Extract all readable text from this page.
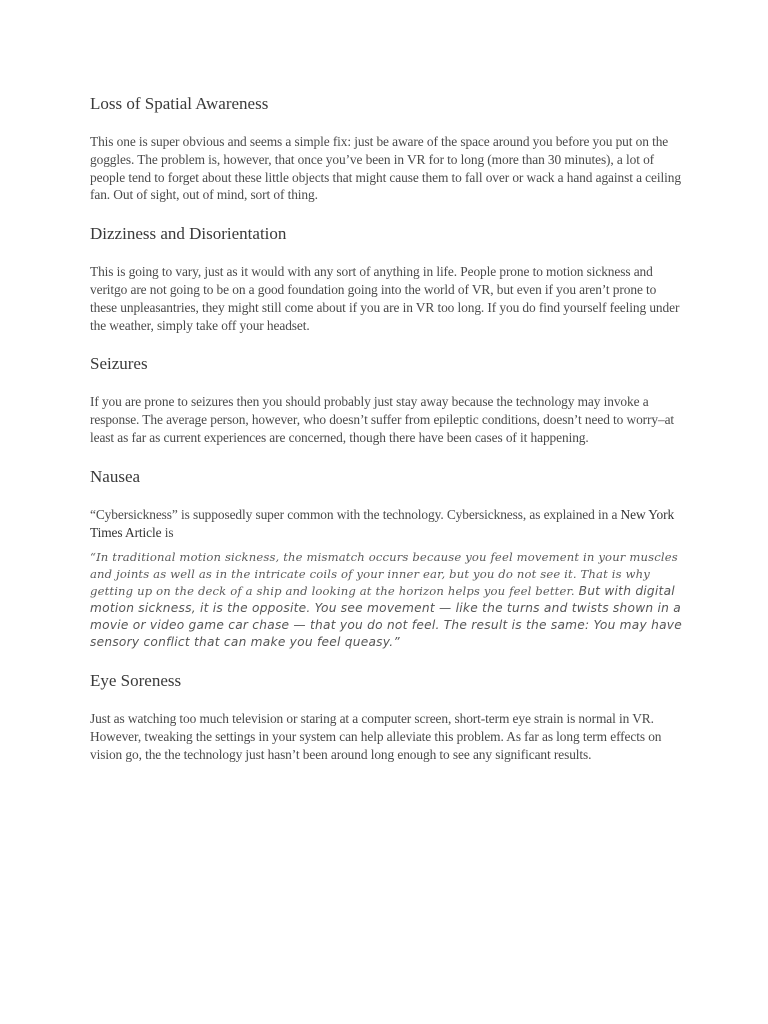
Loss of Spatial Awareness

This one is super obvious and seems a simple fix: just be aware of the space around you before you put on the goggles. The problem is, however, that once you’ve been in VR for to long (more than 30 minutes), a lot of people tend to forget about these little objects that might cause them to fall over or wack a hand against a ceiling fan. Out of sight, out of mind, sort of thing.

Dizziness and Disorientation

This is going to vary, just as it would with any sort of anything in life. People prone to motion sickness and veritgo are not going to be on a good foundation going into the world of VR, but even if you aren’t prone to these unpleasantries, they might still come about if you are in VR too long. If you do find yourself feeling under the weather, simply take off your headset.

Seizures

If you are prone to seizures then you should probably just stay away because the technology may invoke a response. The average person, however, who doesn’t suffer from epileptic conditions, doesn’t need to worry–at least as far as current experiences are concerned, though there have been cases of it happening.

Nausea

“Cybersickness” is supposedly super common with the technology. Cybersickness, as explained in a New York Times Article is

“In traditional motion sickness, the mismatch occurs because you feel movement in your muscles and joints as well as in the intricate coils of your inner ear, but you do not see it. That is why getting up on the deck of a ship and looking at the horizon helps you feel better. But with digital motion sickness, it is the opposite. You see movement — like the turns and twists shown in a movie or video game car chase — that you do not feel. The result is the same: You may have sensory conflict that can make you feel queasy.”

Eye Soreness

Just as watching too much television or staring at a computer screen, short-term eye strain is normal in VR. However, tweaking the settings in your system can help alleviate this problem. As far as long term effects on vision go, the the technology just hasn’t been around long enough to see any significant results.
